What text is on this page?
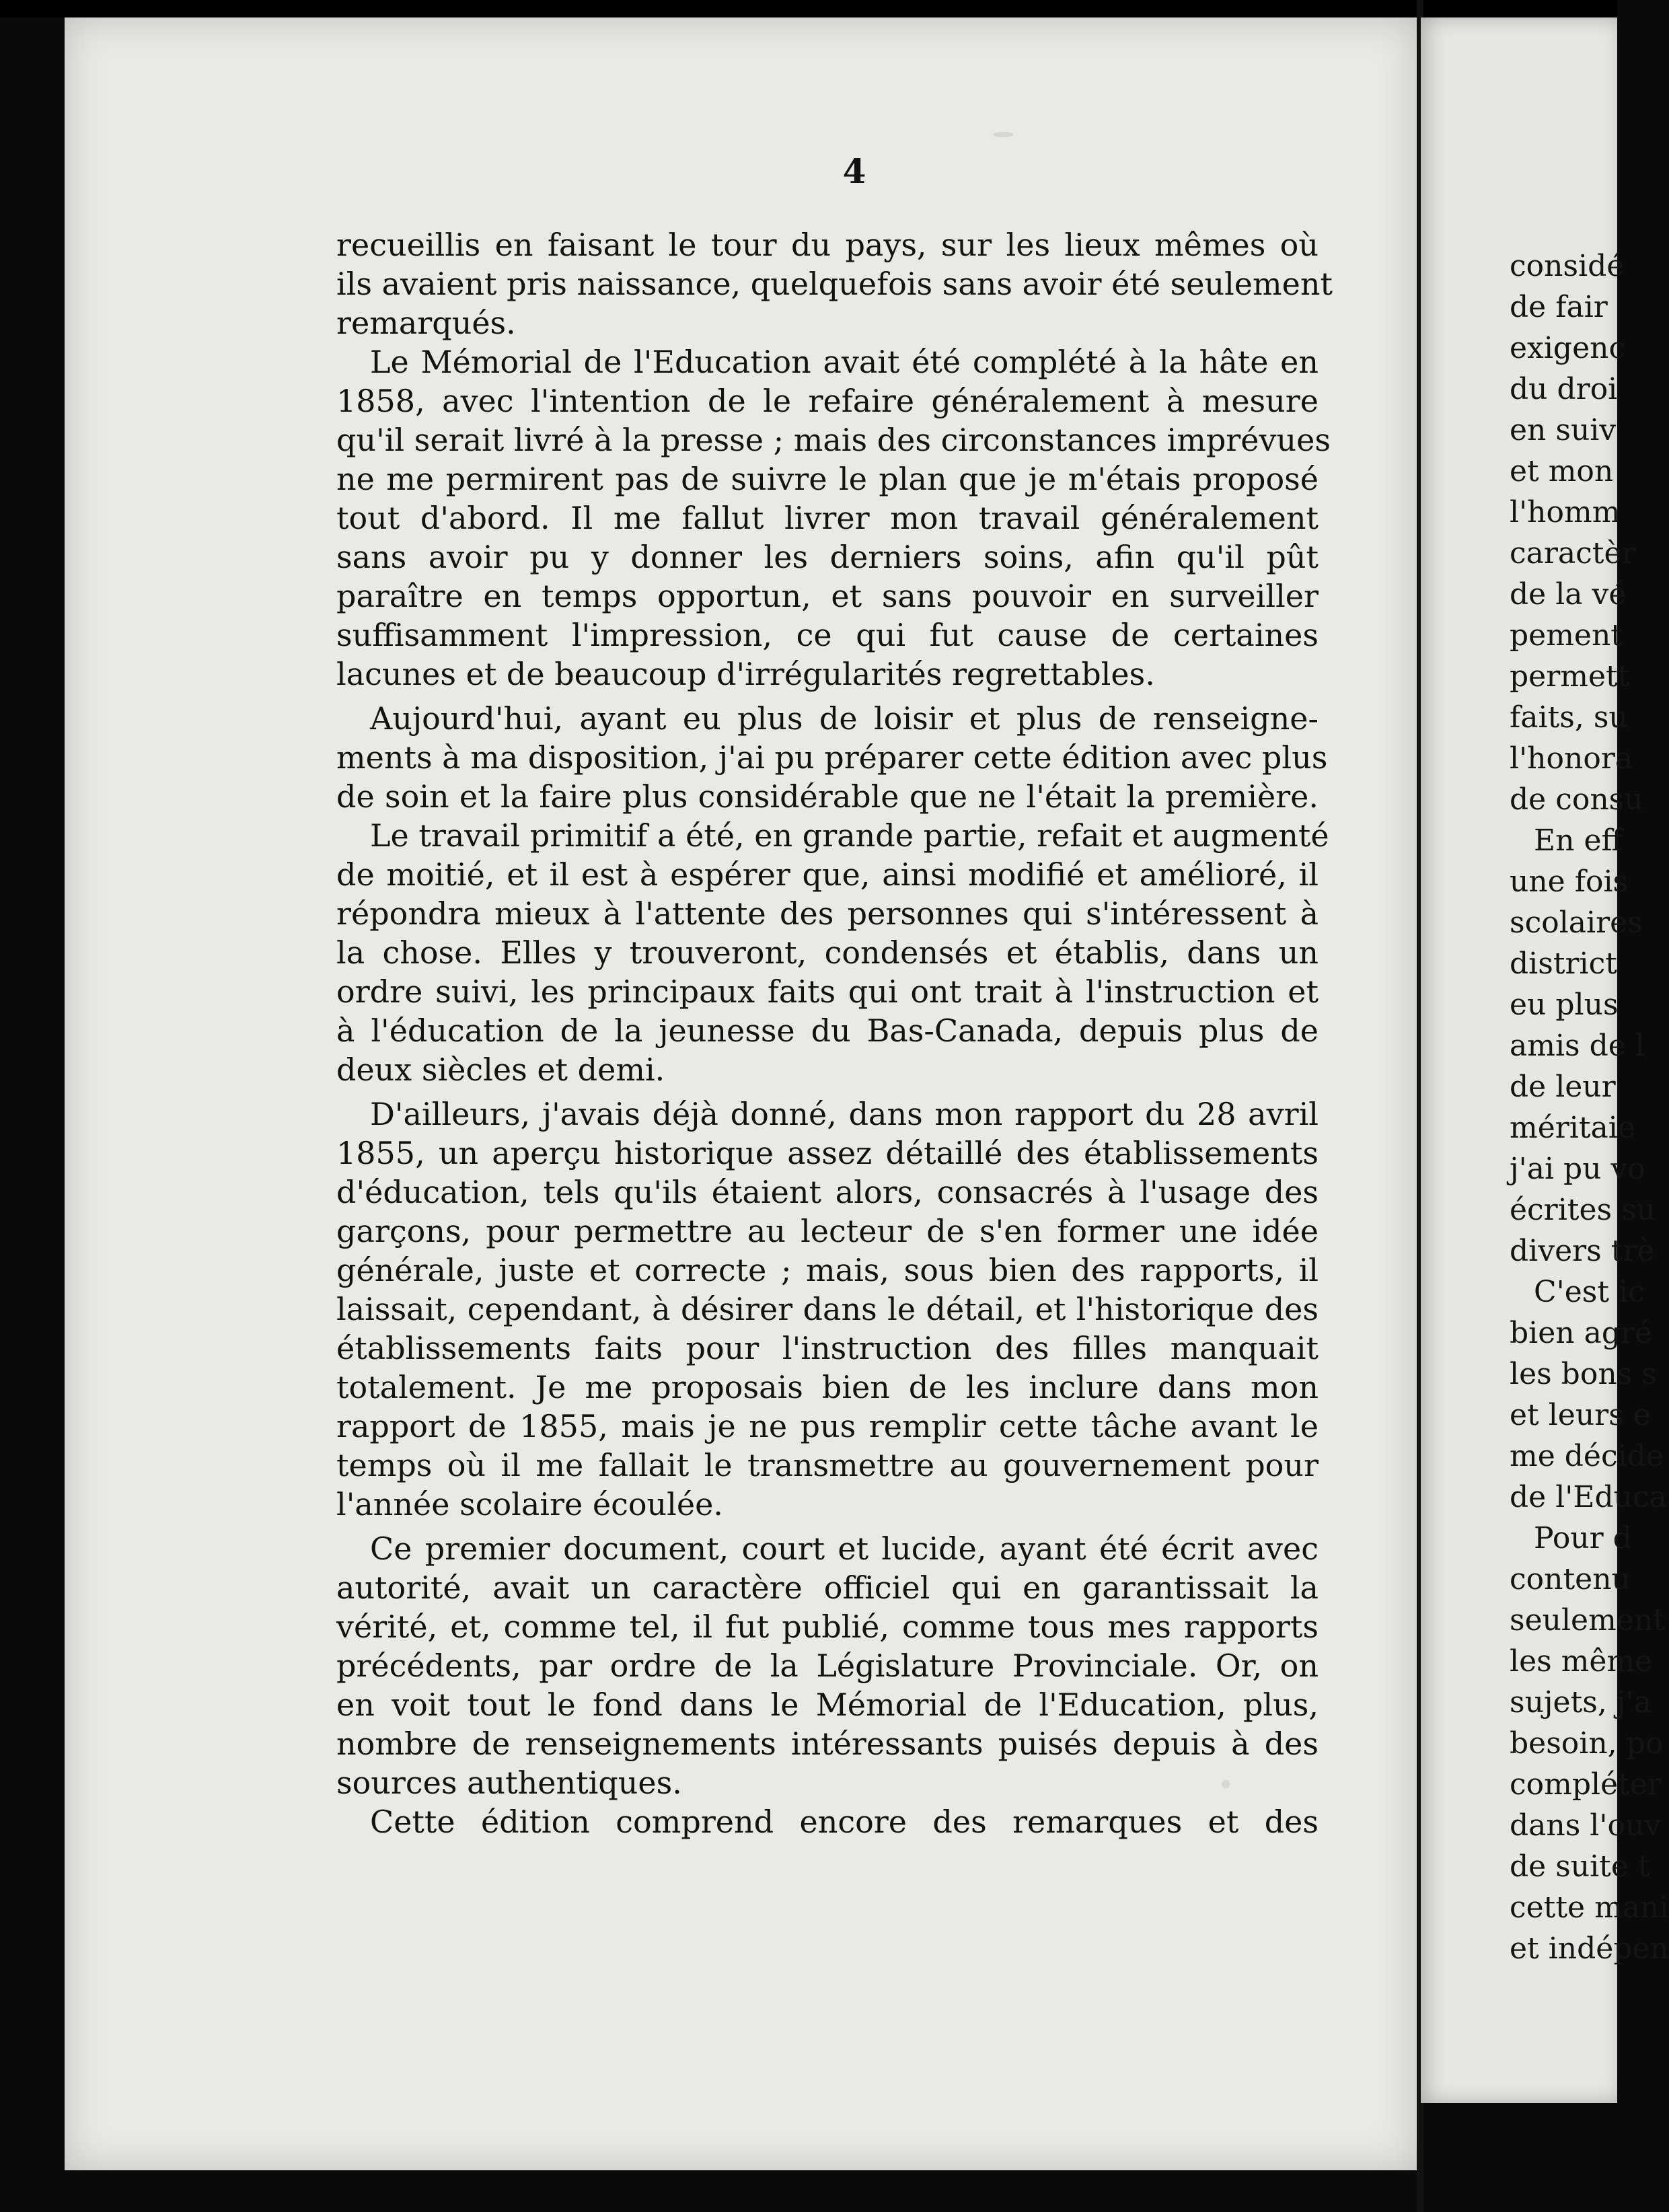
4
recueillis en faisant le tour du pays, sur les lieux mêmes où
ils avaient pris naissance, quelquefois sans avoir été seulement
remarqués.
Le Mémorial de l'Education avait été complété à la hâte en
1858, avec l'intention de le refaire généralement à mesure
qu'il serait livré à la presse ; mais des circonstances imprévues
ne me permirent pas de suivre le plan que je m'étais proposé
tout d'abord. Il me fallut livrer mon travail généralement
sans avoir pu y donner les derniers soins, afin qu'il pût
paraître en temps opportun, et sans pouvoir en surveiller
suffisamment l'impression, ce qui fut cause de certaines
lacunes et de beaucoup d'irrégularités regrettables.
Aujourd'hui, ayant eu plus de loisir et plus de renseigne-
ments à ma disposition, j'ai pu préparer cette édition avec plus
de soin et la faire plus considérable que ne l'était la première.
Le travail primitif a été, en grande partie, refait et augmenté
de moitié, et il est à espérer que, ainsi modifié et amélioré, il
répondra mieux à l'attente des personnes qui s'intéressent à
la chose. Elles y trouveront, condensés et établis, dans un
ordre suivi, les principaux faits qui ont trait à l'instruction et
à l'éducation de la jeunesse du Bas-Canada, depuis plus de
deux siècles et demi.
D'ailleurs, j'avais déjà donné, dans mon rapport du 28 avril
1855, un aperçu historique assez détaillé des établissements
d'éducation, tels qu'ils étaient alors, consacrés à l'usage des
garçons, pour permettre au lecteur de s'en former une idée
générale, juste et correcte ; mais, sous bien des rapports, il
laissait, cependant, à désirer dans le détail, et l'historique des
établissements faits pour l'instruction des filles manquait
totalement. Je me proposais bien de les inclure dans mon
rapport de 1855, mais je ne pus remplir cette tâche avant le
temps où il me fallait le transmettre au gouvernement pour
l'année scolaire écoulée.
Ce premier document, court et lucide, ayant été écrit avec
autorité, avait un caractère officiel qui en garantissait la
vérité, et, comme tel, il fut publié, comme tous mes rapports
précédents, par ordre de la Législature Provinciale. Or, on
en voit tout le fond dans le Mémorial de l'Education, plus,
nombre de renseignements intéressants puisés depuis à des
sources authentiques.
Cette édition comprend encore des remarques et des
considé
de fair
exigenc
du droi
en suiv
et mon
l'homm
caractèr
de la vé
pement
permett
faits, su
l'honora
de consu
En eff
une fois
scolaires
district
eu plus
amis de l
de leur
méritaie
j'ai pu vo
écrites su
divers trè
C'est ic
bien agré
les bons s
et leurs e
me décide
de l'Educa
Pour d
contenu
seulement
les même
sujets, j'a
besoin, po
compléter
dans l'ouv
de suite t
cette mani
et indépen
